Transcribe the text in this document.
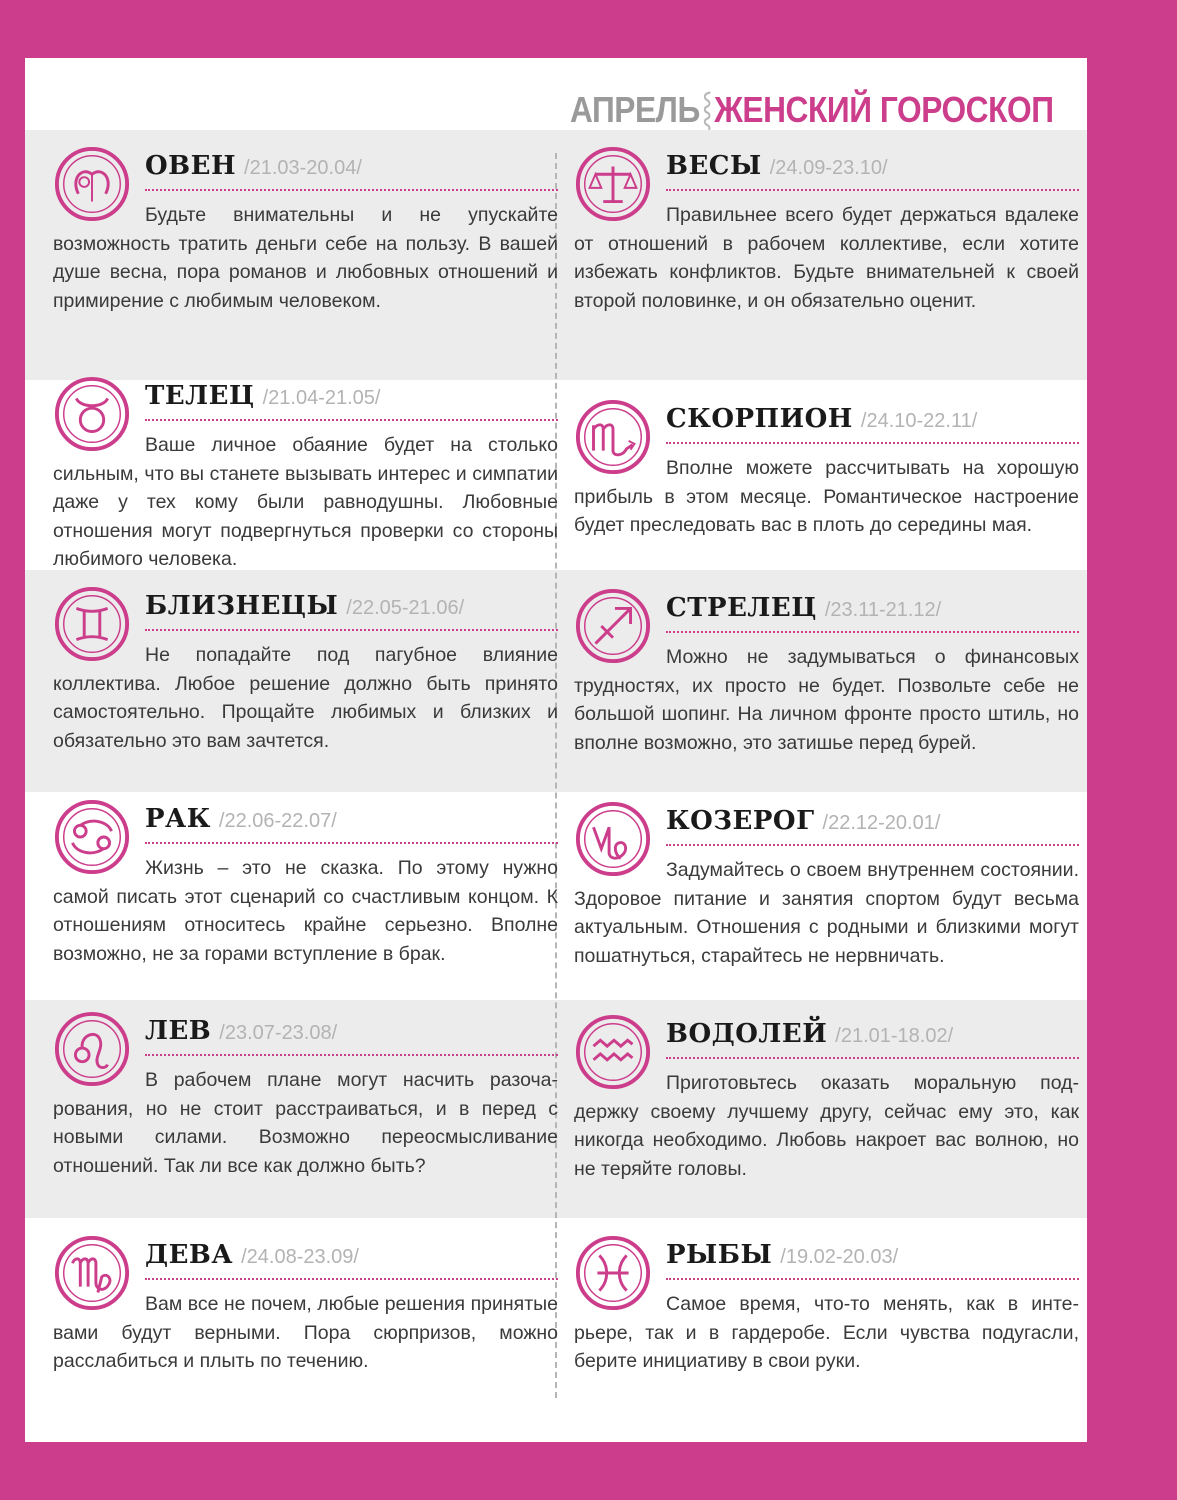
АПРЕЛЬ⸾ЖЕНСКИЙ ГОРОСКОП
ОВЕН /21.03-20.04/
Будьте внимательны и не упускайте возможность тратить деньги себе на пользу. В вашей душе весна, пора романов и любовных отношений и примирение с любимым человеком.
ВЕСЫ /24.09-23.10/
Правильнее всего будет держаться вдалеке от отношений в рабочем коллективе, если хотите избежать конфликтов. Будьте внимательней к своей второй половинке, и он обязательно оценит.
ТЕЛЕЦ /21.04-21.05/
Ваше личное обаяние будет на столько сильным, что вы станете вызывать интерес и симпатии даже у тех кому были равнодушны. Любовные отношения могут подвергнуться проверки со стороны любимого человека.
СКОРПИОН /24.10-22.11/
Вполне можете рассчитывать на хорошую прибыль в этом месяце. Романтическое настроение будет преследовать вас в плоть до середины мая.
БЛИЗНЕЦЫ /22.05-21.06/
Не попадайте под пагубное влияние коллектива. Любое решение должно быть принято самостоятельно. Прощайте любимых и близких и обязательно это вам зачтется.
СТРЕЛЕЦ /23.11-21.12/
Можно не задумываться о финансовых трудностях, их просто не будет. Позвольте себе не большой шопинг. На личном фронте просто штиль, но вполне возможно, это затишье перед бурей.
РАК /22.06-22.07/
Жизнь – это не сказка. По этому нужно самой писать этот сценарий со счастливым концом. К отношениям относитесь крайне серьезно. Вполне возможно, не за горами вступление в брак.
КОЗЕРОГ /22.12-20.01/
Задумайтесь о своем внутреннем состоянии. Здоровое питание и занятия спортом будут весьма актуальным. Отношения с родными и близкими могут пошатнуться, старайтесь не нервничать.
ЛЕВ /23.07-23.08/
В рабочем плане могут насчить разочарования, но не стоит расстраиваться, и в перед с новыми силами. Возможно переосмысливание отношений. Так ли все как должно быть?
ВОДОЛЕЙ /21.01-18.02/
Приготовьтесь оказать моральную поддержку своему лучшему другу, сейчас ему это, как никогда необходимо. Любовь накроет вас волною, но не теряйте головы.
ДЕВА /24.08-23.09/
Вам все не почем, любые решения принятые вами будут верными. Пора сюрпризов, можно расслабиться и плыть по течению.
РЫБЫ /19.02-20.03/
Самое время, что-то менять, как в интерьере, так и в гардеробе. Если чувства подугасли, берите инициативу в свои руки.
